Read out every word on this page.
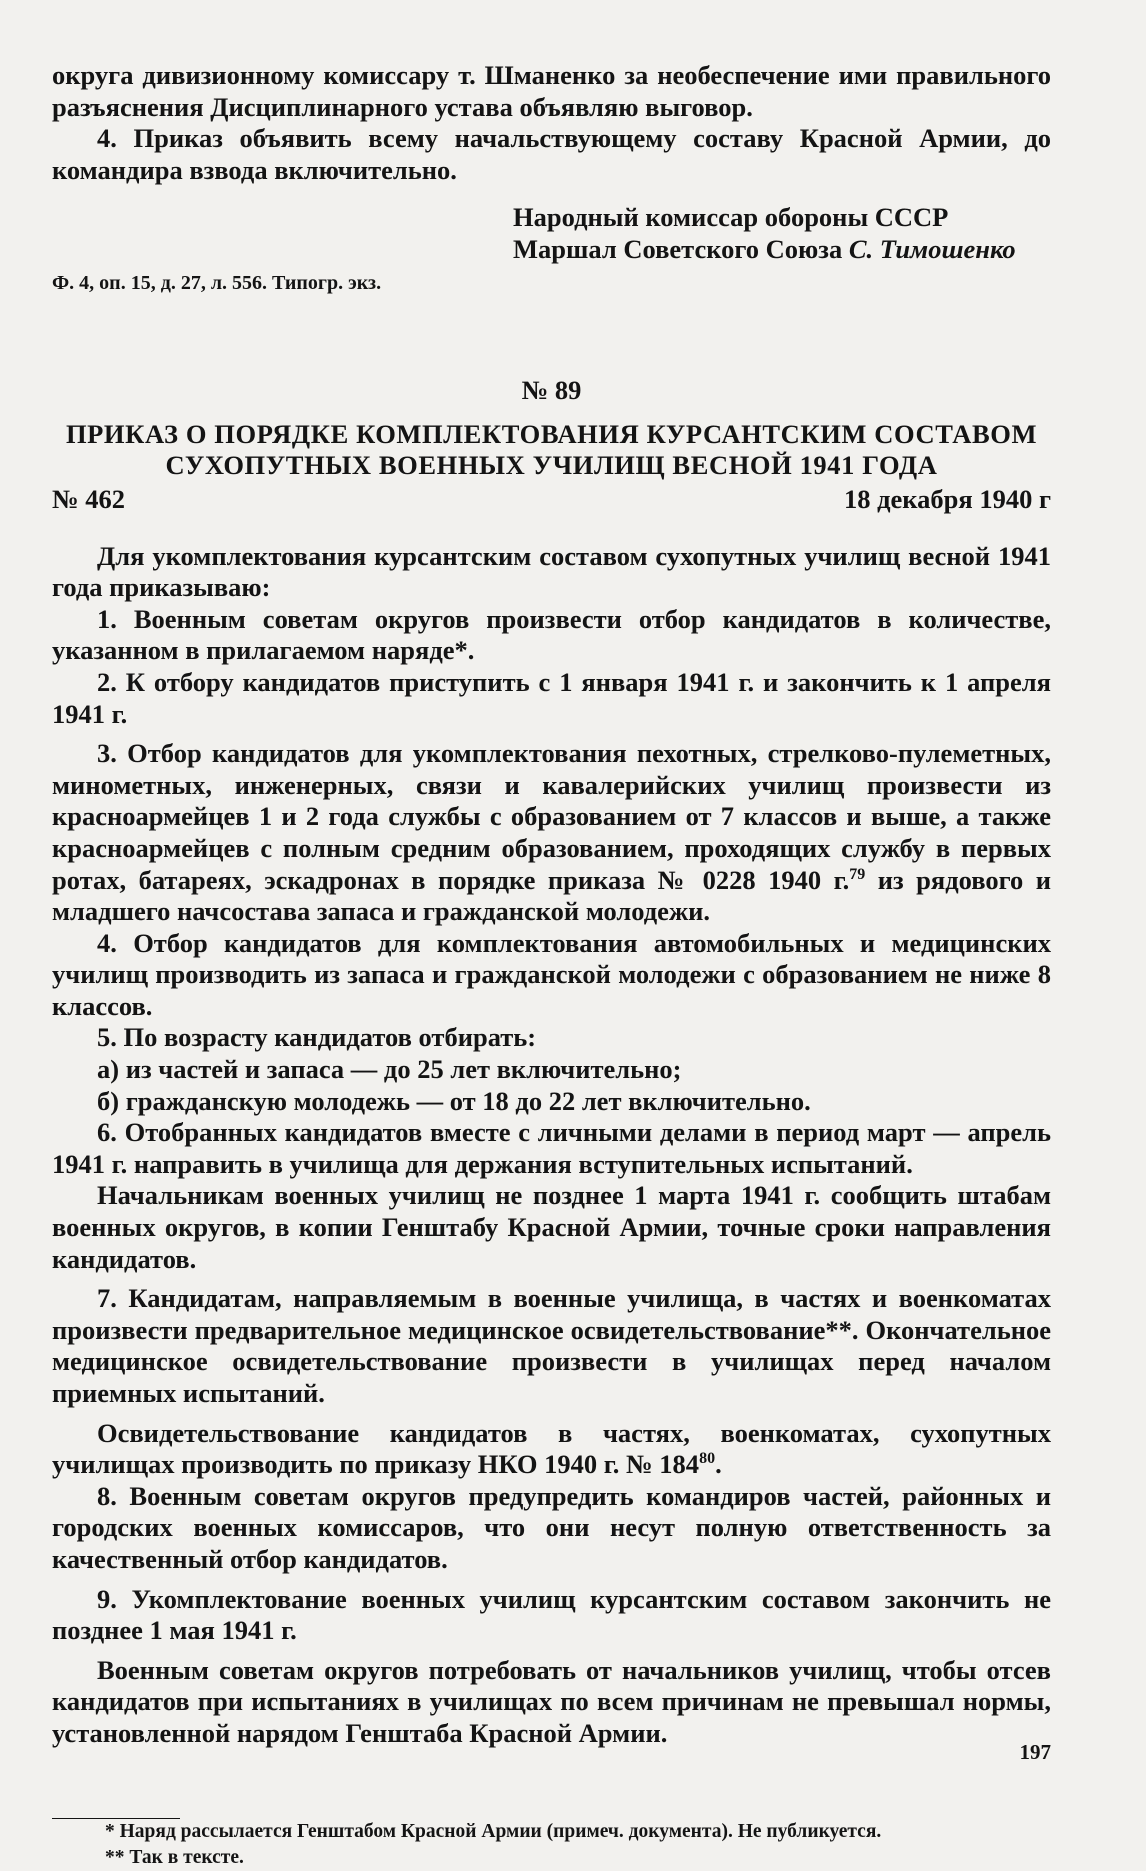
округа дивизионному комиссару т. Шманенко за необеспечение ими правильного разъяснения Дисциплинарного устава объявляю выговор.

4. Приказ объявить всему начальствующему составу Красной Армии, до командира взвода включительно.

Народный комиссар обороны СССР
Маршал Советского Союза С. Тимошенко
Ф. 4, оп. 15, д. 27, л. 556. Типогр. экз.
№ 89
ПРИКАЗ О ПОРЯДКЕ КОМПЛЕКТОВАНИЯ КУРСАНТСКИМ СОСТАВОМ
СУХОПУТНЫХ ВОЕННЫХ УЧИЛИЩ ВЕСНОЙ 1941 ГОДА
№ 462	18 декабря 1940 г

Для укомплектования курсантским составом сухопутных училищ весной 1941 года приказываю:

1. Военным советам округов произвести отбор кандидатов в количестве, указанном в прилагаемом наряде*.

2. К отбору кандидатов приступить с 1 января 1941 г. и закончить к 1 апреля 1941 г.

3. Отбор кандидатов для укомплектования пехотных, стрелково-пулеметных, минометных, инженерных, связи и кавалерийских училищ произвести из красноармейцев 1 и 2 года службы с образованием от 7 классов и выше, а также красноармейцев с полным средним образованием, проходящих службу в первых ротах, батареях, эскадронах в порядке приказа № 0228 1940 г.$^{79}$ из рядового и младшего начсостава запаса и гражданской молодежи.

4. Отбор кандидатов для комплектования автомобильных и медицинских училищ производить из запаса и гражданской молодежи с образованием не ниже 8 классов.

5. По возрасту кандидатов отбирать:

а) из частей и запаса — до 25 лет включительно;

б) гражданскую молодежь — от 18 до 22 лет включительно.

6. Отобранных кандидатов вместе с личными делами в период март — апрель 1941 г. направить в училища для держания вступительных испытаний.

Начальникам военных училищ не позднее 1 марта 1941 г. сообщить штабам военных округов, в копии Генштабу Красной Армии, точные сроки направления кандидатов.

7. Кандидатам, направляемым в военные училища, в частях и военкоматах произвести предварительное медицинское освидетельствование**. Окончательное медицинское освидетельствование произвести в училищах перед началом приемных испытаний.

Освидетельствование кандидатов в частях, военкоматах, сухопутных училищах производить по приказу НКО 1940 г. № $184^{80}$.

8. Военным советам округов предупредить командиров частей, районных и городских военных комиссаров, что они несут полную ответственность за качественный отбор кандидатов.

9. Укомплектование военных училищ курсантским составом закончить не позднее 1 мая 1941 г.

Военным советам округов потребовать от начальников училищ, чтобы отсев кандидатов при испытаниях в училищах по всем причинам не превышал нормы, установленной нарядом Генштаба Красной Армии.

* Наряд рассылается Генштабом Красной Армии (примеч. документа). Не публикуется.

** Так в тексте.

197
